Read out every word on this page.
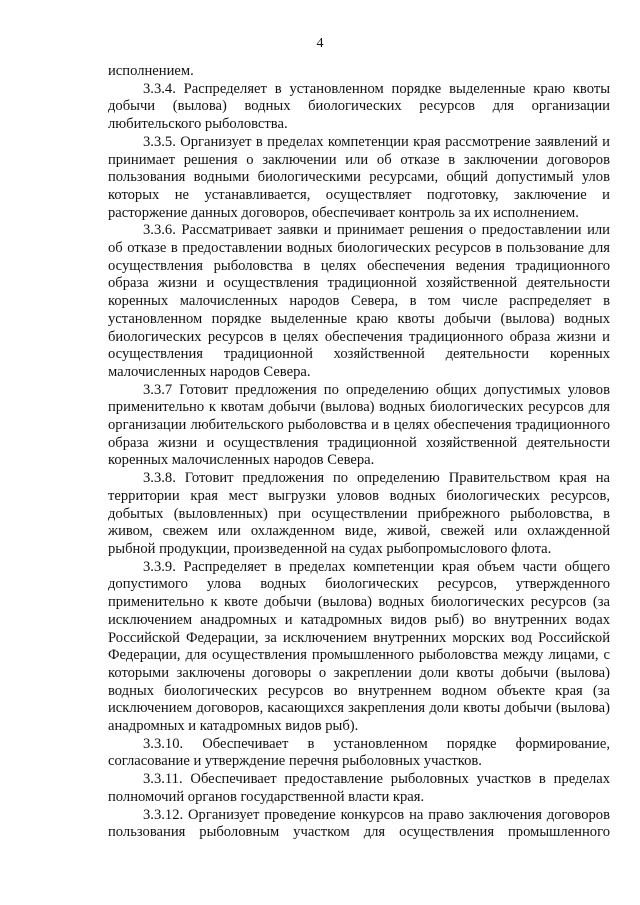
4

исполнением.

3.3.4. Распределяет в установленном порядке выделенные краю квоты добычи (вылова) водных биологических ресурсов для организации любительского рыболовства.

3.3.5. Организует в пределах компетенции края рассмотрение заявлений и принимает решения о заключении или об отказе в заключении договоров пользования водными биологическими ресурсами, общий допустимый улов которых не устанавливается, осуществляет подготовку, заключение и расторжение данных договоров, обеспечивает контроль за их исполнением.

3.3.6. Рассматривает заявки и принимает решения о предоставлении или об отказе в предоставлении водных биологических ресурсов в пользование для осуществления рыболовства в целях обеспечения ведения традиционного образа жизни и осуществления традиционной хозяйственной деятельности коренных малочисленных народов Севера, в том числе распределяет в установленном порядке выделенные краю квоты добычи (вылова) водных биологических ресурсов в целях обеспечения традиционного образа жизни и осуществления традиционной хозяйственной деятельности коренных малочисленных народов Севера.

3.3.7 Готовит предложения по определению общих допустимых уловов применительно к квотам добычи (вылова) водных биологических ресурсов для организации любительского рыболовства и в целях обеспечения традиционного образа жизни и осуществления традиционной хозяйственной деятельности коренных малочисленных народов Севера.

3.3.8. Готовит предложения по определению Правительством края на территории края мест выгрузки уловов водных биологических ресурсов, добытых (выловленных) при осуществлении прибрежного рыболовства, в живом, свежем или охлажденном виде, живой, свежей или охлажденной рыбной продукции, произведенной на судах рыбопромыслового флота.

3.3.9. Распределяет в пределах компетенции края объем части общего допустимого улова водных биологических ресурсов, утвержденного применительно к квоте добычи (вылова) водных биологических ресурсов (за исключением анадромных и катадромных видов рыб) во внутренних водах Российской Федерации, за исключением внутренних морских вод Российской Федерации, для осуществления промышленного рыболовства между лицами, с которыми заключены договоры о закреплении доли квоты добычи (вылова) водных биологических ресурсов во внутреннем водном объекте края (за исключением договоров, касающихся закрепления доли квоты добычи (вылова) анадромных и катадромных видов рыб).

3.3.10. Обеспечивает в установленном порядке формирование, согласование и утверждение перечня рыболовных участков.

3.3.11. Обеспечивает предоставление рыболовных участков в пределах полномочий органов государственной власти края.

3.3.12. Организует проведение конкурсов на право заключения договоров пользования рыболовным участком для осуществления промышленного
